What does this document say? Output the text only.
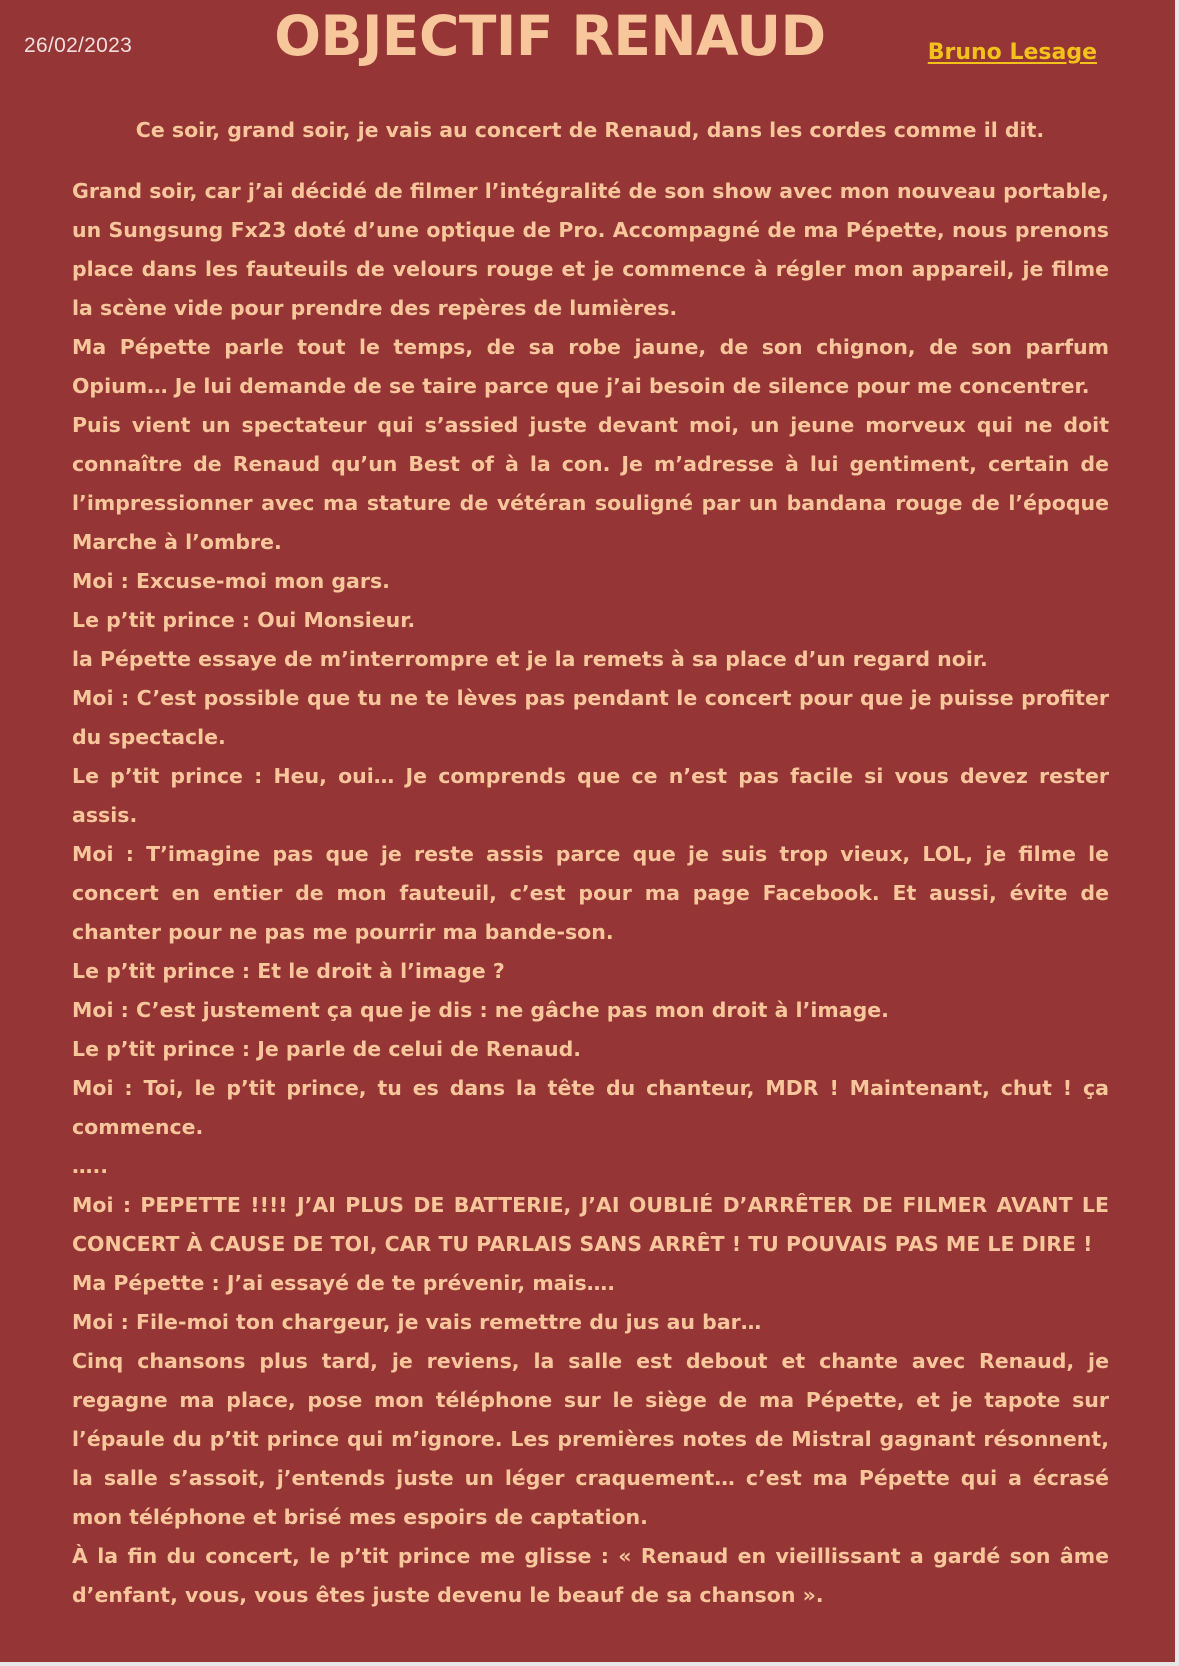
26/02/2023	OBJECTIF RENAUD	Bruno Lesage
Ce soir, grand soir, je vais au concert de Renaud, dans les cordes comme il dit.

Grand soir, car j’ai décidé de filmer l’intégralité de son show avec mon nouveau portable, un Sungsung Fx23 doté d’une optique de Pro. Accompagné de ma Pépette, nous prenons place dans les fauteuils de velours rouge et je commence à régler mon appareil, je filme la scène vide pour prendre des repères de lumières.

Ma Pépette parle tout le temps, de sa robe jaune, de son chignon, de son parfum Opium… Je lui demande de se taire parce que j’ai besoin de silence pour me concentrer.

Puis vient un spectateur qui s’assied juste devant moi, un jeune morveux qui ne doit connaître de Renaud qu’un Best of à la con. Je m’adresse à lui gentiment, certain de l’impressionner avec ma stature de vétéran souligné par un bandana rouge de l’époque Marche à l’ombre.

Moi : Excuse-moi mon gars.

Le p’tit prince : Oui Monsieur.

la Pépette essaye de m’interrompre et je la remets à sa place d’un regard noir.

Moi : C’est possible que tu ne te lèves pas pendant le concert pour que je puisse profiter du spectacle.

Le p’tit prince : Heu, oui… Je comprends que ce n’est pas facile si vous devez rester assis.

Moi : T’imagine pas que je reste assis parce que je suis trop vieux, LOL, je filme le concert en entier de mon fauteuil, c’est pour ma page Facebook. Et aussi, évite de chanter pour ne pas me pourrir ma bande-son.

Le p’tit prince : Et le droit à l’image ?

Moi : C’est justement ça que je dis : ne gâche pas mon droit à l’image.

Le p’tit prince : Je parle de celui de Renaud.

Moi : Toi, le p’tit prince, tu es dans la tête du chanteur, MDR ! Maintenant, chut ! ça commence.

…..

Moi : PEPETTE !!!! J’AI PLUS DE BATTERIE, J’AI OUBLIÉ D’ARRÊTER DE FILMER AVANT LE CONCERT À CAUSE DE TOI, CAR TU PARLAIS SANS ARRÊT ! TU POUVAIS PAS ME LE DIRE !

Ma Pépette : J’ai essayé de te prévenir, mais….

Moi : File-moi ton chargeur, je vais remettre du jus au bar…

Cinq chansons plus tard, je reviens, la salle est debout et chante avec Renaud, je regagne ma place, pose mon téléphone sur le siège de ma Pépette, et je tapote sur l’épaule du p’tit prince qui m’ignore. Les premières notes de Mistral gagnant résonnent, la salle s’assoit, j’entends juste un léger craquement… c’est ma Pépette qui a écrasé mon téléphone et brisé mes espoirs de captation.

À la fin du concert, le p’tit prince me glisse : « Renaud en vieillissant a gardé son âme d’enfant, vous, vous êtes juste devenu le beauf de sa chanson ».
